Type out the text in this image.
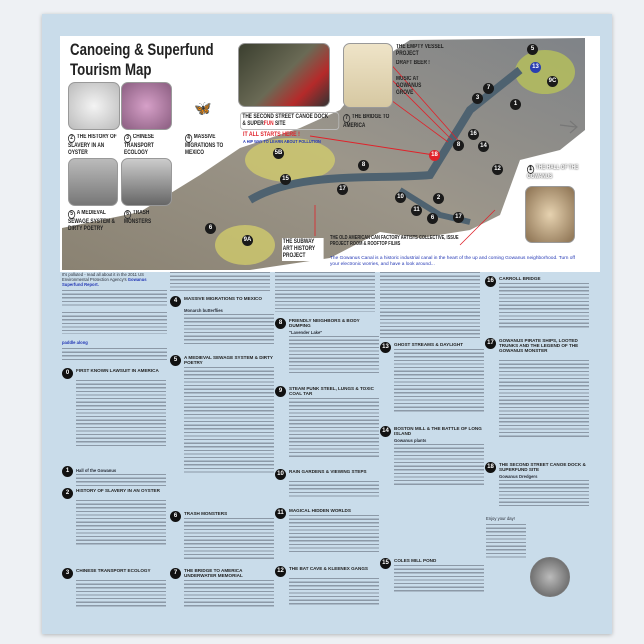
Canoeing & Superfund Tourism Map
🦋
2 THE HISTORY OF SLAVERY IN AN OYSTER
3 CHINESE TRANSPORT ECOLOGY
4 MASSIVE MIGRATIONS TO MEXICO
5 A MEDIEVAL SEWAGE SYSTEM & DIRTY POETRY
6 TRASH MONSTERS
7 THE BRIDGE TO AMERICA
1 THE HALL OF THE GOWANUS
THE SECOND STREET CANOE DOCK
& SUPERFUN SITE
IT ALL STARTS HERE !
A HIP WAY TO LEARN ABOUT POLLUTION
THE EMPTY VESSEL PROJECT
DRAFT BEER !
MUSIC AT GOWANUS GROVE
THE OLD AMERICAN CAN FACTORY ARTISTS COLLECTIVE, ISSUE PROJECT ROOM & ROOFTOP FILMS
THE SUBWAY ART HISTORY PROJECT	The Gowanus Canal is a historic industrial canal in the heart of the up and coming Gowanus neighborhood. Turn off your electronic worries, and have a look around...
5B
15
6
9A
8
17
5
13
9C
7
3
1
16
8	14
18
12
10	2
11
6	17
It's polluted - read all about it in the 2011 US Environmental Protection Agency's Gowanus Superfund Report.
paddle along
0	FIRST KNOWN LAWSUIT IN AMERICA
1	Hall of the Gowanus
2	HISTORY OF SLAVERY IN AN OYSTER
3	CHINESE TRANSPORT ECOLOGY
4	MASSIVE MIGRATIONS TO MEXICO
Monarch butterflies
5	A MEDIEVAL SEWAGE SYSTEM & DIRTY POETRY
6	TRASH MONSTERS
7	THE BRIDGE TO AMERICA UNDERWATER MEMORIAL
8	FRIENDLY NEIGHBORS & BODY DUMPING
"Lavender Lake"
9	STEAM PUNK STEEL, LUNGS & TOXIC COAL TAR
10	RAIN GARDENS & VIEWING STEPS
11	MAGICAL HIDDEN WORLDS
12	THE BAT CAVE & KLEENEX GANGS
13	GHOST STREAMS & DAYLIGHT
14	BOSTON MILL & THE BATTLE OF LONG ISLAND
Gowanus plants
15	COLES MILL POND
16	CARROLL BRIDGE
17	GOWANUS PIRATE SHIPS, LOOTED TRUNKS AND THE LEGEND OF THE GOWANUS MONSTER
18	THE SECOND STREET CANOE DOCK & SUPERFUND SITE
Gowanus Dredgers
Enjoy your day!
